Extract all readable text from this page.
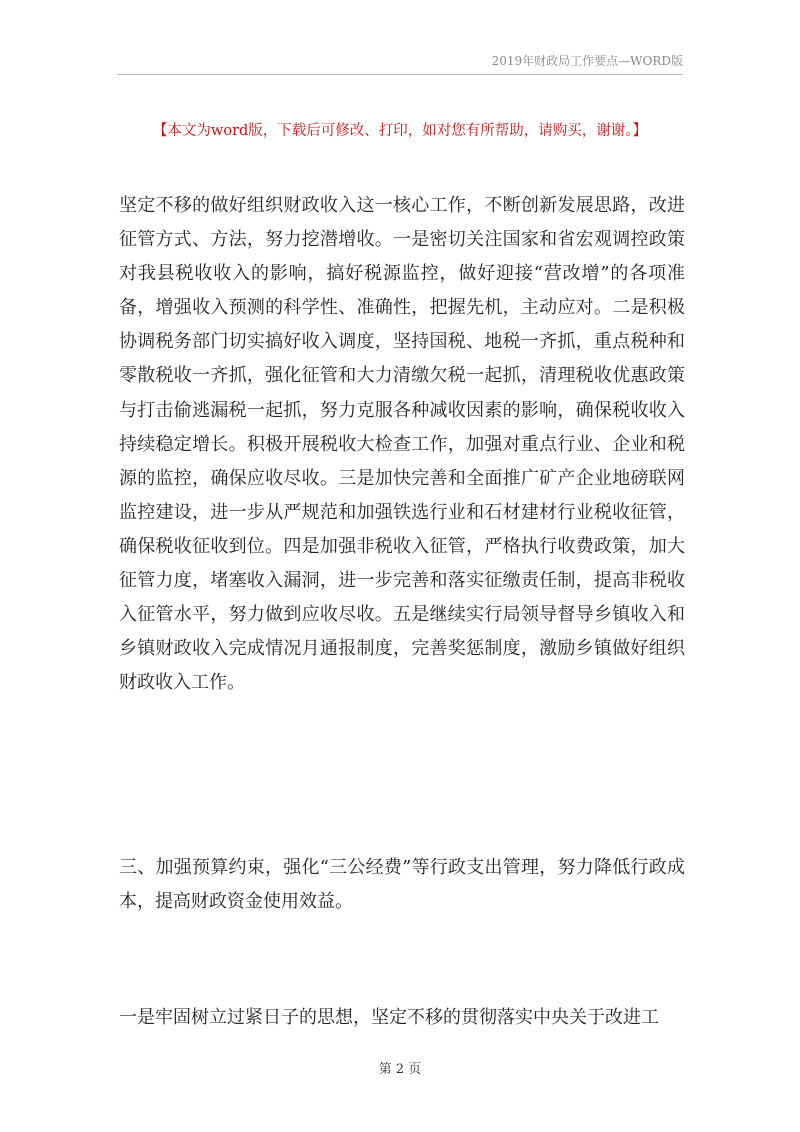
2019年财政局工作要点—WORD版
【本文为word版，下载后可修改、打印，如对您有所帮助，请购买，谢谢。】
坚定不移的做好组织财政收入这一核心工作，不断创新发展思路，改进征管方式、方法，努力挖潜增收。一是密切关注国家和省宏观调控政策对我县税收收入的影响，搞好税源监控，做好迎接“营改增”的各项准备，增强收入预测的科学性、准确性，把握先机，主动应对。二是积极协调税务部门切实搞好收入调度，坚持国税、地税一齐抓，重点税种和零散税收一齐抓，强化征管和大力清缴欠税一起抓，清理税收优惠政策与打击偷逃漏税一起抓，努力克服各种减收因素的影响，确保税收收入持续稳定增长。积极开展税收大检查工作，加强对重点行业、企业和税源的监控，确保应收尽收。三是加快完善和全面推广矿产企业地磅联网监控建设，进一步从严规范和加强铁选行业和石材建材行业税收征管，确保税收征收到位。四是加强非税收入征管，严格执行收费政策，加大征管力度，堵塞收入漏洞，进一步完善和落实征缴责任制，提高非税收入征管水平，努力做到应收尽收。五是继续实行局领导督导乡镇收入和乡镇财政收入完成情况月通报制度，完善奖惩制度，激励乡镇做好组织财政收入工作。
三、加强预算约束，强化“三公经费”等行政支出管理，努力降低行政成本，提高财政资金使用效益。
一是牢固树立过紧日子的思想，坚定不移的贯彻落实中央关于改进工
第 2 页
